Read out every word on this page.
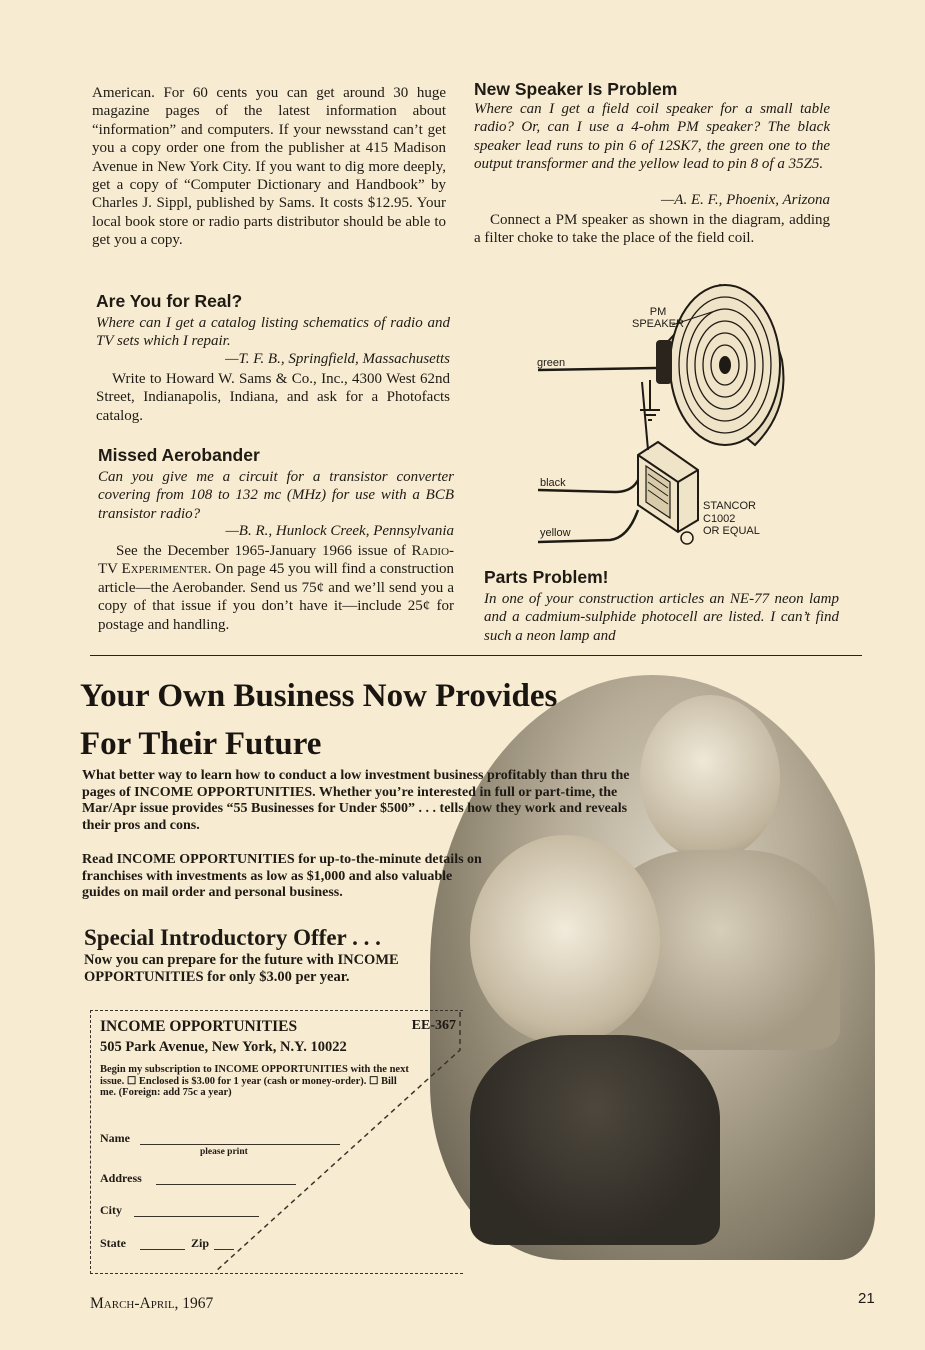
American. For 60 cents you can get around 30 huge magazine pages of the latest information about “information” and computers. If your newsstand can’t get you a copy order one from the publisher at 415 Madison Avenue in New York City. If you want to dig more deeply, get a copy of “Computer Dictionary and Handbook” by Charles J. Sippl, published by Sams. It costs $12.95. Your local book store or radio parts distributor should be able to get you a copy.
Are You for Real?
Where can I get a catalog listing schematics of radio and TV sets which I repair.
—T. F. B., Springfield, Massachusetts
Write to Howard W. Sams & Co., Inc., 4300 West 62nd Street, Indianapolis, Indiana, and ask for a Photofacts catalog.
Missed Aerobander
Can you give me a circuit for a transistor converter covering from 108 to 132 mc (MHz) for use with a BCB transistor radio?
—B. R., Hunlock Creek, Pennsylvania
See the December 1965-January 1966 issue of Radio-TV Experimenter. On page 45 you will find a construction article—the Aerobander. Send us 75¢ and we’ll send you a copy of that issue if you don’t have it—include 25¢ for postage and handling.
New Speaker Is Problem
Where can I get a field coil speaker for a small table radio? Or, can I use a 4-ohm PM speaker? The black speaker lead runs to pin 6 of 12SK7, the green one to the output transformer and the yellow lead to pin 8 of a 35Z5.
—A. E. F., Phoenix, Arizona
Connect a PM speaker as shown in the diagram, adding a filter choke to take the place of the field coil.
PM
SPEAKER
green
black
yellow
STANCOR
C1002
OR EQUAL
Parts Problem!
In one of your construction articles an NE-77 neon lamp and a cadmium-sulphide photocell are listed. I can’t find such a neon lamp and
Your Own Business Now Provides
For Their Future
What better way to learn how to conduct a low investment business profitably than thru the pages of INCOME OPPORTUNITIES. Whether you’re interested in full or part-time, the Mar/Apr issue provides “55 Businesses for Under $500” . . . tells how they work and reveals their pros and cons.
Read INCOME OPPORTUNITIES for up-to-the-minute details on franchises with investments as low as $1,000 and also valuable guides on mail order and personal business.
Special Introductory Offer . . .
Now you can prepare for the future with INCOME OPPORTUNITIES for only $3.00 per year.
INCOME OPPORTUNITIES	EE-367
505 Park Avenue, New York, N.Y. 10022
Begin my subscription to INCOME OPPORTUNITIES with the next issue. ☐ Enclosed is $3.00 for 1 year (cash or money-order). ☐ Bill me. (Foreign: add 75c a year)
Name
please print
Address
City
State	Zip
March-April, 1967	21
